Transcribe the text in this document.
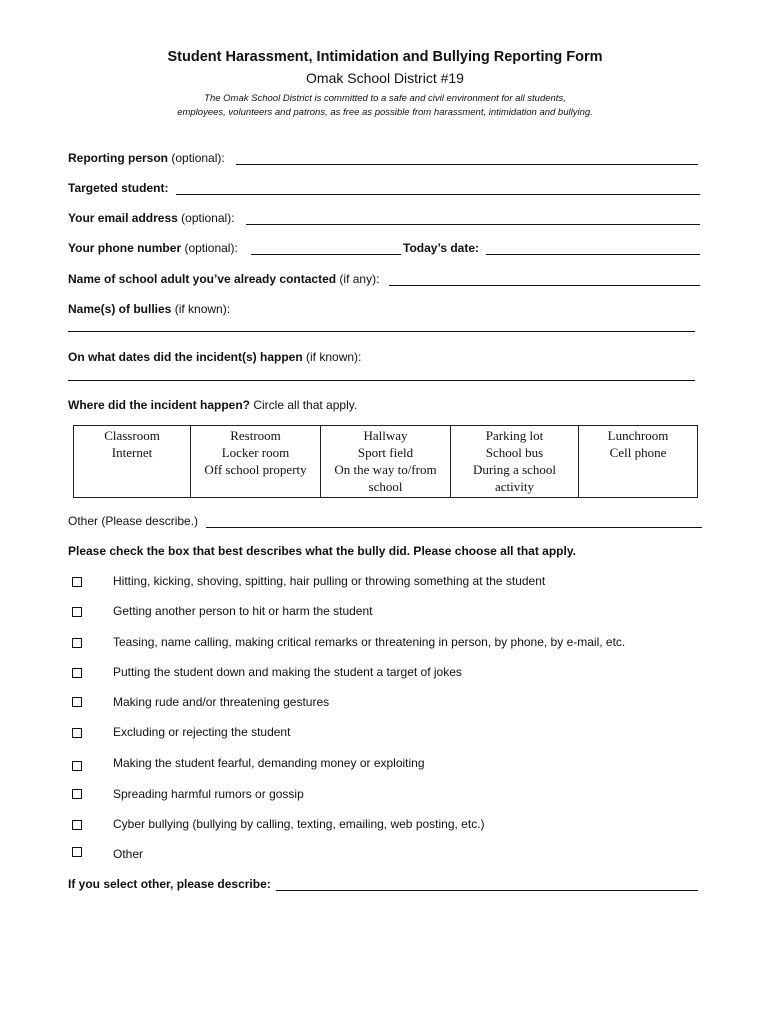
Student Harassment, Intimidation and Bullying Reporting Form
Omak School District #19
The Omak School District is committed to a safe and civil environment for all students,
employees, volunteers and patrons, as free as possible from harassment, intimidation and bullying.
Reporting person (optional):
Targeted student:
Your email address (optional):
Your phone number (optional):	Today’s date:
Name of school adult you’ve already contacted (if any):
Name(s) of bullies (if known):
On what dates did the incident(s) happen (if known):
Where did the incident happen? Circle all that apply.
Classroom
Internet

Restroom
Locker room
Off school property

Hallway
Sport field
On the way to/from school

Parking lot
School bus
During a school activity

Lunchroom
Cell phone
Other (Please describe.)
Please check the box that best describes what the bully did. Please choose all that apply.
Hitting, kicking, shoving, spitting, hair pulling or throwing something at the student
Getting another person to hit or harm the student
Teasing, name calling, making critical remarks or threatening in person, by phone, by e-mail, etc.
Putting the student down and making the student a target of jokes
Making rude and/or threatening gestures
Excluding or rejecting the student
Making the student fearful, demanding money or exploiting
Spreading harmful rumors or gossip
Cyber bullying (bullying by calling, texting, emailing, web posting, etc.)
Other
If you select other, please describe:
